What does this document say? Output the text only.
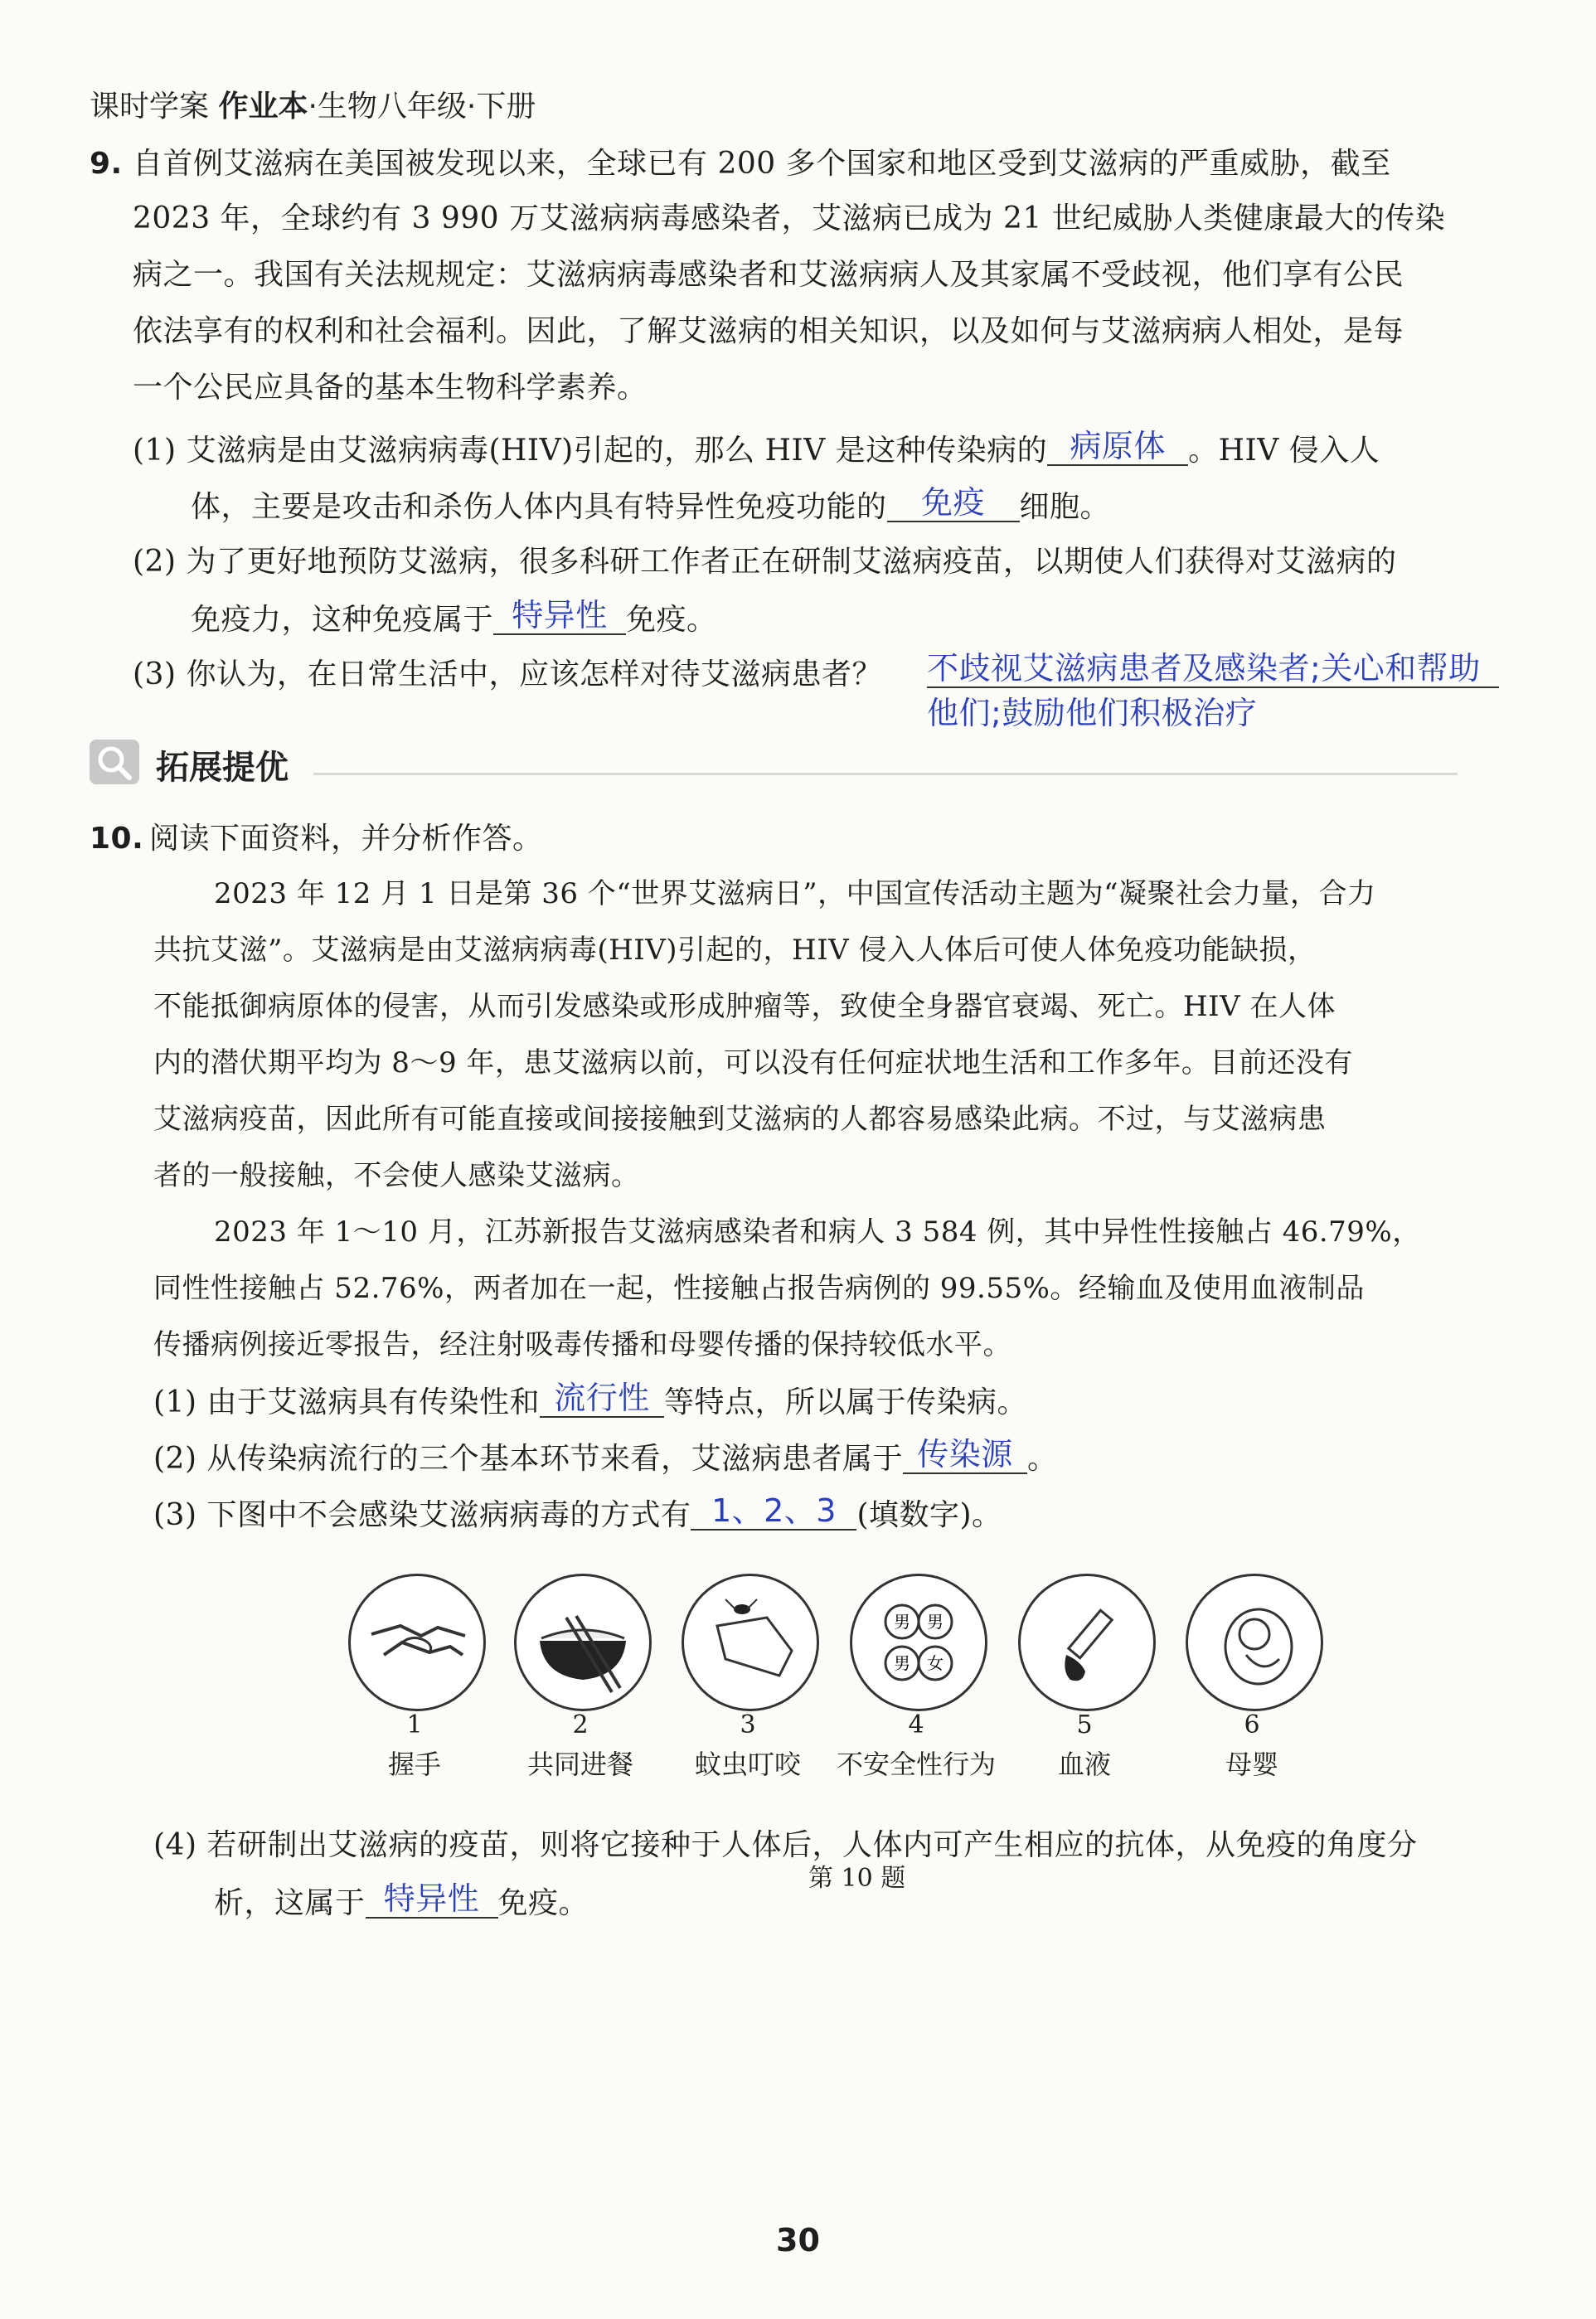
课时学案 作业本·生物八年级·下册
9. 自首例艾滋病在美国被发现以来，全球已有 200 多个国家和地区受到艾滋病的严重威胁，截至
2023 年，全球约有 3 990 万艾滋病病毒感染者，艾滋病已成为 21 世纪威胁人类健康最大的传染
病之一。我国有关法规规定：艾滋病病毒感染者和艾滋病病人及其家属不受歧视，他们享有公民
依法享有的权利和社会福利。因此，了解艾滋病的相关知识，以及如何与艾滋病病人相处，是每
一个公民应具备的基本生物科学素养。
(1) 艾滋病是由艾滋病病毒(HIV)引起的，那么 HIV 是这种传染病的 病原体 。HIV 侵入人
体，主要是攻击和杀伤人体内具有特异性免疫功能的 免疫 细胞。
(2) 为了更好地预防艾滋病，很多科研工作者正在研制艾滋病疫苗，以期使人们获得对艾滋病的
免疫力，这种免疫属于 特异性 免疫。
(3) 你认为，在日常生活中，应该怎样对待艾滋病患者？ 不歧视艾滋病患者及感染者;关心和帮助
他们;鼓励他们积极治疗
拓展提优
10. 阅读下面资料，并分析作答。
2023 年 12 月 1 日是第 36 个“世界艾滋病日”，中国宣传活动主题为“凝聚社会力量，合力
共抗艾滋”。艾滋病是由艾滋病病毒(HIV)引起的，HIV 侵入人体后可使人体免疫功能缺损，
不能抵御病原体的侵害，从而引发感染或形成肿瘤等，致使全身器官衰竭、死亡。HIV 在人体
内的潜伏期平均为 8～9 年，患艾滋病以前，可以没有任何症状地生活和工作多年。目前还没有
艾滋病疫苗，因此所有可能直接或间接接触到艾滋病的人都容易感染此病。不过，与艾滋病患
者的一般接触，不会使人感染艾滋病。
2023 年 1～10 月，江苏新报告艾滋病感染者和病人 3 584 例，其中异性性接触占 46.79%，
同性性接触占 52.76%，两者加在一起，性接触占报告病例的 99.55%。经输血及使用血液制品
传播病例接近零报告，经注射吸毒传播和母婴传播的保持较低水平。
(1) 由于艾滋病具有传染性和 流行性 等特点，所以属于传染病。
(2) 从传染病流行的三个基本环节来看，艾滋病患者属于 传染源 。
(3) 下图中不会感染艾滋病病毒的方式有 1、2、3 (填数字)。
男 男
男 女
1	2	3	4	5	6
握手	共同进餐	蚊虫叮咬	不安全性行为	血液	母婴
第 10 题
(4) 若研制出艾滋病的疫苗，则将它接种于人体后，人体内可产生相应的抗体，从免疫的角度分
析，这属于 特异性 免疫。
30
